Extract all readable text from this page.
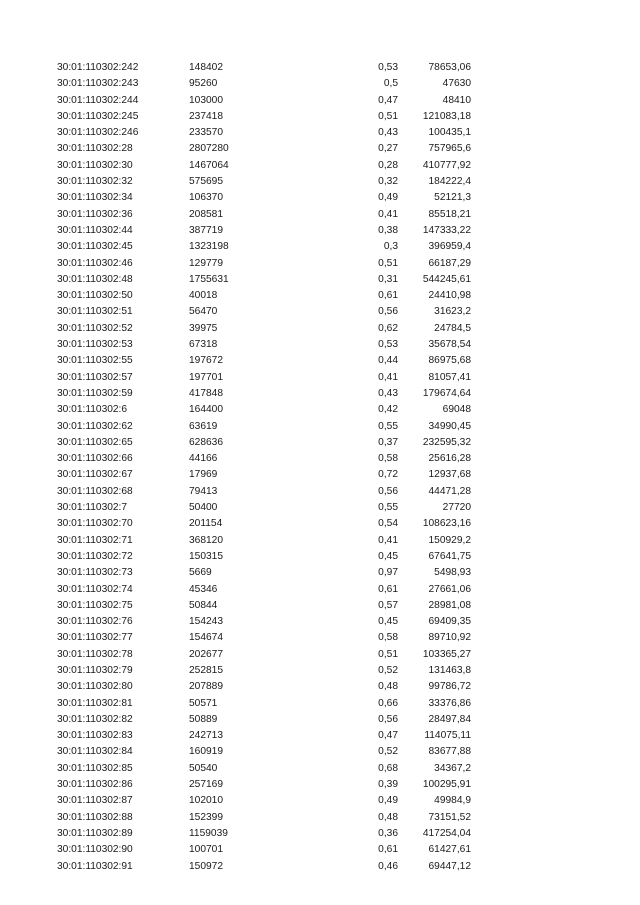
30:01:110302:242	148402	0,53	78653,06
30:01:110302:243	95260	0,5	47630
30:01:110302:244	103000	0,47	48410
30:01:110302:245	237418	0,51	121083,18
30:01:110302:246	233570	0,43	100435,1
30:01:110302:28	2807280	0,27	757965,6
30:01:110302:30	1467064	0,28	410777,92
30:01:110302:32	575695	0,32	184222,4
30:01:110302:34	106370	0,49	52121,3
30:01:110302:36	208581	0,41	85518,21
30:01:110302:44	387719	0,38	147333,22
30:01:110302:45	1323198	0,3	396959,4
30:01:110302:46	129779	0,51	66187,29
30:01:110302:48	1755631	0,31	544245,61
30:01:110302:50	40018	0,61	24410,98
30:01:110302:51	56470	0,56	31623,2
30:01:110302:52	39975	0,62	24784,5
30:01:110302:53	67318	0,53	35678,54
30:01:110302:55	197672	0,44	86975,68
30:01:110302:57	197701	0,41	81057,41
30:01:110302:59	417848	0,43	179674,64
30:01:110302:6	164400	0,42	69048
30:01:110302:62	63619	0,55	34990,45
30:01:110302:65	628636	0,37	232595,32
30:01:110302:66	44166	0,58	25616,28
30:01:110302:67	17969	0,72	12937,68
30:01:110302:68	79413	0,56	44471,28
30:01:110302:7	50400	0,55	27720
30:01:110302:70	201154	0,54	108623,16
30:01:110302:71	368120	0,41	150929,2
30:01:110302:72	150315	0,45	67641,75
30:01:110302:73	5669	0,97	5498,93
30:01:110302:74	45346	0,61	27661,06
30:01:110302:75	50844	0,57	28981,08
30:01:110302:76	154243	0,45	69409,35
30:01:110302:77	154674	0,58	89710,92
30:01:110302:78	202677	0,51	103365,27
30:01:110302:79	252815	0,52	131463,8
30:01:110302:80	207889	0,48	99786,72
30:01:110302:81	50571	0,66	33376,86
30:01:110302:82	50889	0,56	28497,84
30:01:110302:83	242713	0,47	114075,11
30:01:110302:84	160919	0,52	83677,88
30:01:110302:85	50540	0,68	34367,2
30:01:110302:86	257169	0,39	100295,91
30:01:110302:87	102010	0,49	49984,9
30:01:110302:88	152399	0,48	73151,52
30:01:110302:89	1159039	0,36	417254,04
30:01:110302:90	100701	0,61	61427,61
30:01:110302:91	150972	0,46	69447,12
